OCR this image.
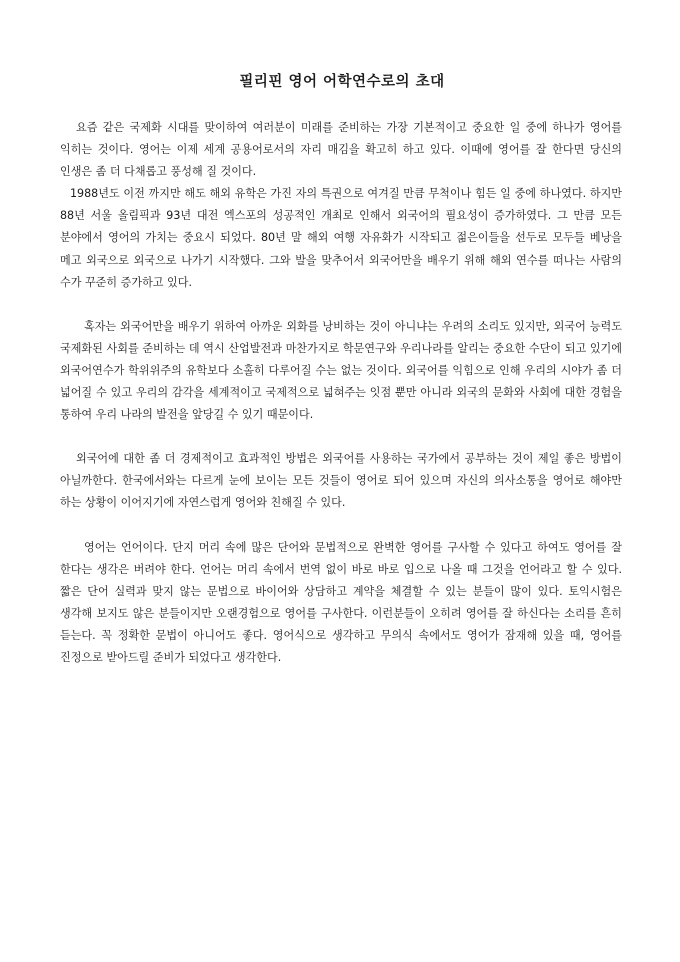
필리핀 영어 어학연수로의 초대

요즘 같은 국제화 시대를 맞이하여 여러분이 미래를 준비하는 가장 기본적이고 중요한 일 중에 하나가 영어를 익히는 것이다. 영어는 이제 세계 공용어로서의 자리 매김을 확고히 하고 있다. 이때에 영어를 잘 한다면 당신의 인생은 좀 더 다채롭고 풍성해 질 것이다.

1988년도 이전 까지만 해도 해외 유학은 가진 자의 특권으로 여겨질 만큼 무척이나 힘든 일 중에 하나였다. 하지만 88년 서울 올림픽과 93년 대전 엑스포의 성공적인 개최로 인해서 외국어의 필요성이 증가하였다. 그 만큼 모든 분야에서 영어의 가치는 중요시 되었다. 80년 말 해외 여행 자유화가 시작되고 젊은이들을 선두로 모두들 베낭을 메고 외국으로 외국으로 나가기 시작했다. 그와 발을 맞추어서 외국어만을 배우기 위해 해외 연수를 떠나는 사람의 수가 꾸준히 증가하고 있다.

혹자는 외국어만을 배우기 위하여 아까운 외화를 낭비하는 것이 아니냐는 우려의 소리도 있지만, 외국어 능력도 국제화된 사회를 준비하는 데 역시 산업발전과 마찬가지로 학문연구와 우리나라를 알리는 중요한 수단이 되고 있기에 외국어연수가 학위위주의 유학보다 소홀히 다루어질 수는 없는 것이다. 외국어를 익힘으로 인해 우리의 시야가 좀 더 넓어질 수 있고 우리의 감각을 세계적이고 국제적으로 넓혀주는 잇점 뿐만 아니라 외국의 문화와 사회에 대한 경험을 통하여 우리 나라의 발전을 앞당길 수 있기 때문이다.

외국어에 대한 좀 더 경제적이고 효과적인 방법은 외국어를 사용하는 국가에서 공부하는 것이 제일 좋은 방법이 아닐까한다. 한국에서와는 다르게 눈에 보이는 모든 것들이 영어로 되어 있으며 자신의 의사소통을 영어로 해야만 하는 상황이 이어지기에 자연스럽게 영어와 친해질 수 있다.

영어는 언어이다. 단지 머리 속에 많은 단어와 문법적으로 완벽한 영어를 구사할 수 있다고 하여도 영어를 잘 한다는 생각은 버려야 한다. 언어는 머리 속에서 번역 없이 바로 바로 입으로 나올 때 그것을 언어라고 할 수 있다. 짧은 단어 실력과 맞지 않는 문법으로 바이어와 상담하고 계약을 체결할 수 있는 분들이 많이 있다. 토익시험은 생각해 보지도 않은 분들이지만 오랜경험으로 영어를 구사한다. 이런분들이 오히려 영어를 잘 하신다는 소리를 흔히 듣는다. 꼭 정확한 문법이 아니어도 좋다. 영어식으로 생각하고 무의식 속에서도 영어가 잠재해 있을 때, 영어를 진정으로 받아드릴 준비가 되었다고 생각한다.
